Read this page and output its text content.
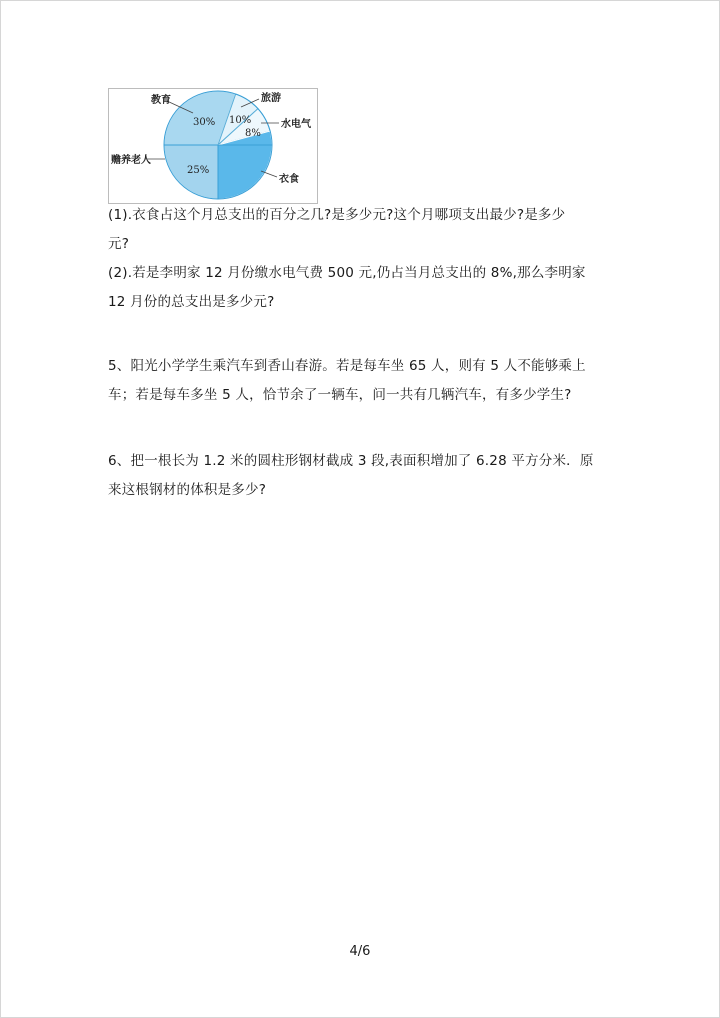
教育	旅游
水电气
衣食
赡养老人
30% 10%
8%
25%
(1).衣食占这个月总支出的百分之几?是多少元?这个月哪项支出最少?是多少
元?
(2).若是李明家 12 月份缴水电气费 500 元,仍占当月总支出的 8%,那么李明家
12 月份的总支出是多少元?
5、阳光小学学生乘汽车到香山春游。若是每车坐 65 人，则有 5 人不能够乘上
车；若是每车多坐 5 人，恰节余了一辆车，问一共有几辆汽车，有多少学生?
6、把一根长为 1.2 米的圆柱形钢材截成 3 段,表面积增加了 6.28 平方分米．原
来这根钢材的体积是多少?
4/6
